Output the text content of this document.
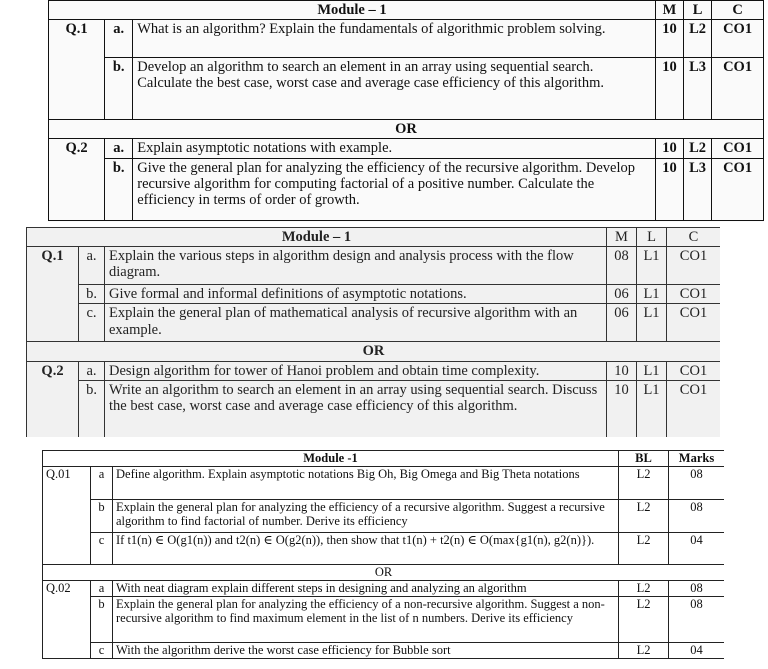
Module – 1			M	L	C
Q.1	a.	What is an algorithm? Explain the fundamentals of algorithmic problem solving.	10	L2	CO1
	b.	Develop an algorithm to search an element in an array using sequential search. Calculate the best case, worst case and average case efficiency of this algorithm.	10	L3	CO1
OR					
Q.2	a.	Explain asymptotic notations with example.	10	L2	CO1
	b.	Give the general plan for analyzing the efficiency of the recursive algorithm. Develop recursive algorithm for computing factorial of a positive number. Calculate the efficiency in terms of order of growth.	10	L3	CO1
Module – 1			M	L	C
Q.1	a.	Explain the various steps in algorithm design and analysis process with the flow diagram.	08	L1	CO1
	b.	Give formal and informal definitions of asymptotic notations.	06	L1	CO1
	c.	Explain the general plan of mathematical analysis of recursive algorithm with an example.	06	L1	CO1
OR					
Q.2	a.	Design algorithm for tower of Hanoi problem and obtain time complexity.	10	L1	CO1
	b.	Write an algorithm to search an element in an array using sequential search. Discuss the best case, worst case and average case efficiency of this algorithm.	10	L1	CO1
Module -1			BL	Marks
Q.01	a	Define algorithm. Explain asymptotic notations Big Oh, Big Omega and Big Theta notations	L2	08
	b	Explain the general plan for analyzing the efficiency of a recursive algorithm. Suggest a recursive algorithm to find factorial of number. Derive its efficiency	L2	08
	c	If t1(n) ∈ O(g1(n)) and t2(n) ∈ O(g2(n)), then show that t1(n) + t2(n) ∈ O(max{g1(n), g2(n)}).	L2	04
OR				
Q.02	a	With neat diagram explain different steps in designing and analyzing an algorithm	L2	08
	b	Explain the general plan for analyzing the efficiency of a non-recursive algorithm. Suggest a non-recursive algorithm to find maximum element in the list of n numbers. Derive its efficiency	L2	08
	c	With the algorithm derive the worst case efficiency for Bubble sort	L2	04
